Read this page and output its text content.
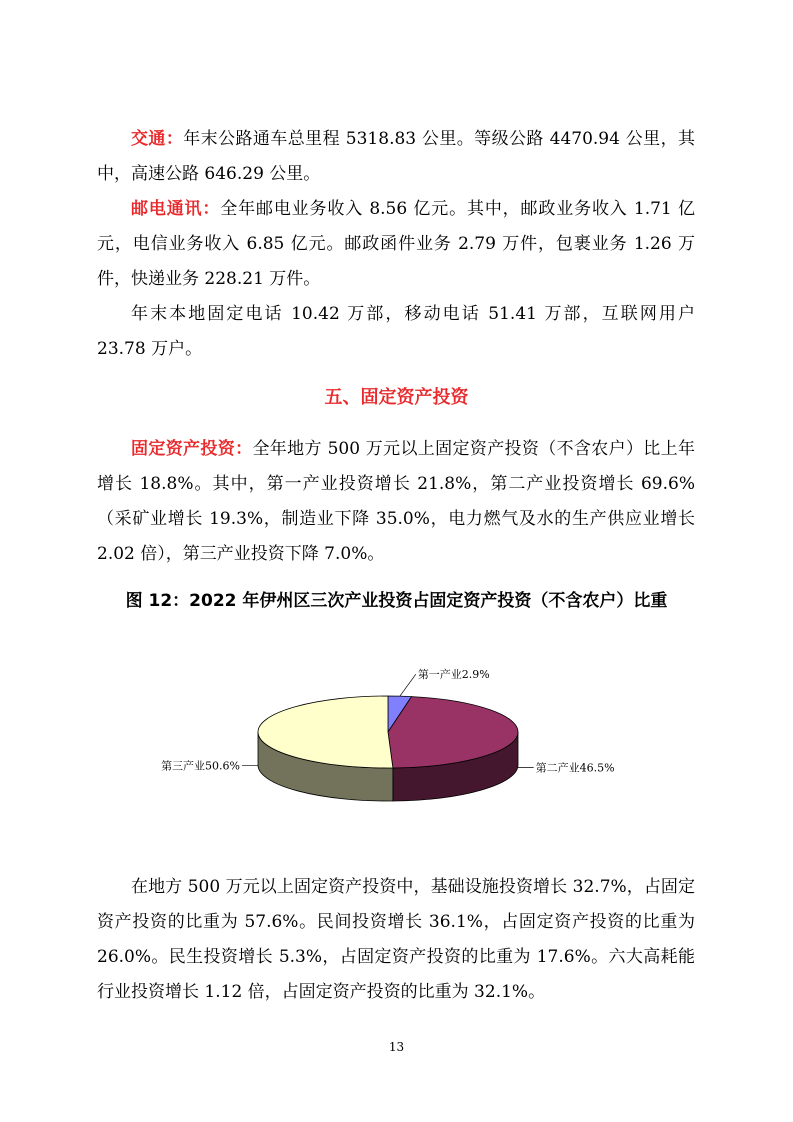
交通：年末公路通车总里程 5318.83 公里。等级公路 4470.94 公里，其中，高速公路 646.29 公里。

邮电通讯：全年邮电业务收入 8.56 亿元。其中，邮政业务收入 1.71 亿元，电信业务收入 6.85 亿元。邮政函件业务 2.79 万件，包裹业务 1.26 万件，快递业务 228.21 万件。

年末本地固定电话 10.42 万部，移动电话 51.41 万部，互联网用户 23.78 万户。

五、固定资产投资

固定资产投资：全年地方 500 万元以上固定资产投资（不含农户）比上年增长 18.8%。其中，第一产业投资增长 21.8%，第二产业投资增长 69.6%（采矿业增长 19.3%，制造业下降 35.0%，电力燃气及水的生产供应业增长 2.02 倍），第三产业投资下降 7.0%。

图 12：2022 年伊州区三次产业投资占固定资产投资（不含农户）比重
第一产业2.9%
第二产业46.5%
第三产业50.6%

在地方 500 万元以上固定资产投资中，基础设施投资增长 32.7%，占固定资产投资的比重为 57.6%。民间投资增长 36.1%，占固定资产投资的比重为 26.0%。民生投资增长 5.3%，占固定资产投资的比重为 17.6%。六大高耗能行业投资增长 1.12 倍，占固定资产投资的比重为 32.1%。

13
